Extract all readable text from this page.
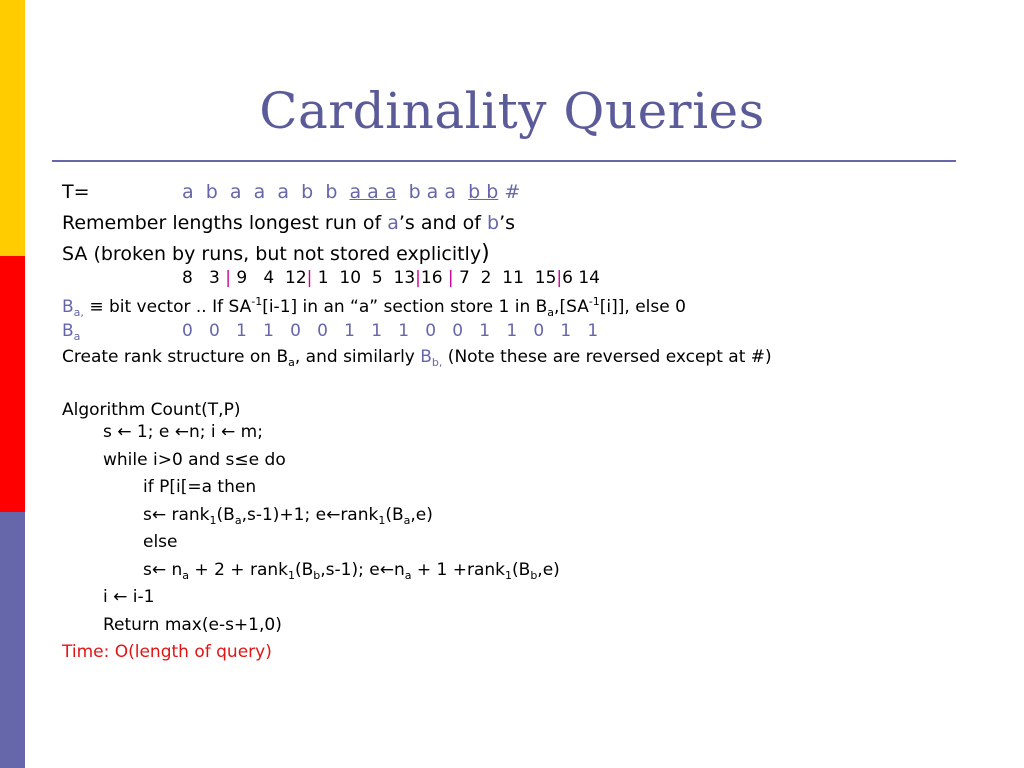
Cardinality Queries
T=	a b a a a b b a a a b a a b b #
Remember lengths longest run of a’s and of b’s
SA (broken by runs, but not stored explicitly)
8   3 | 9   4  12| 1  10  5  13|16 | 7  2  11  15|6 14
$B_{a,}$ ≡ bit vector .. If $SA^{-1}[i-1]$ in an “a” section store 1 in $B_a,[SA^{-1}[i]]$, else 0
$B_a$	0   0   1   1   0   0   1   1   1   0   0   1   1   0   1   1
Create rank structure on $B_a$, and similarly $B_{b,}$ (Note these are reversed except at #)
Algorithm Count(T,P)
s ← 1; e ←n; i ← m;
while i>0 and s≤e do
if P[i[=a then
s← $rank_1(B_a,s-1)+1$; $e\leftarrow rank_1(B_a,e)$
else
s← $n_a + 2$ + $rank_1(B_b,s-1)$; $e\leftarrow n_a + 1$ $+rank_1(B_b,e)$
i ← i-1
Return max(e-s+1,0)
Time: O(length of query)
